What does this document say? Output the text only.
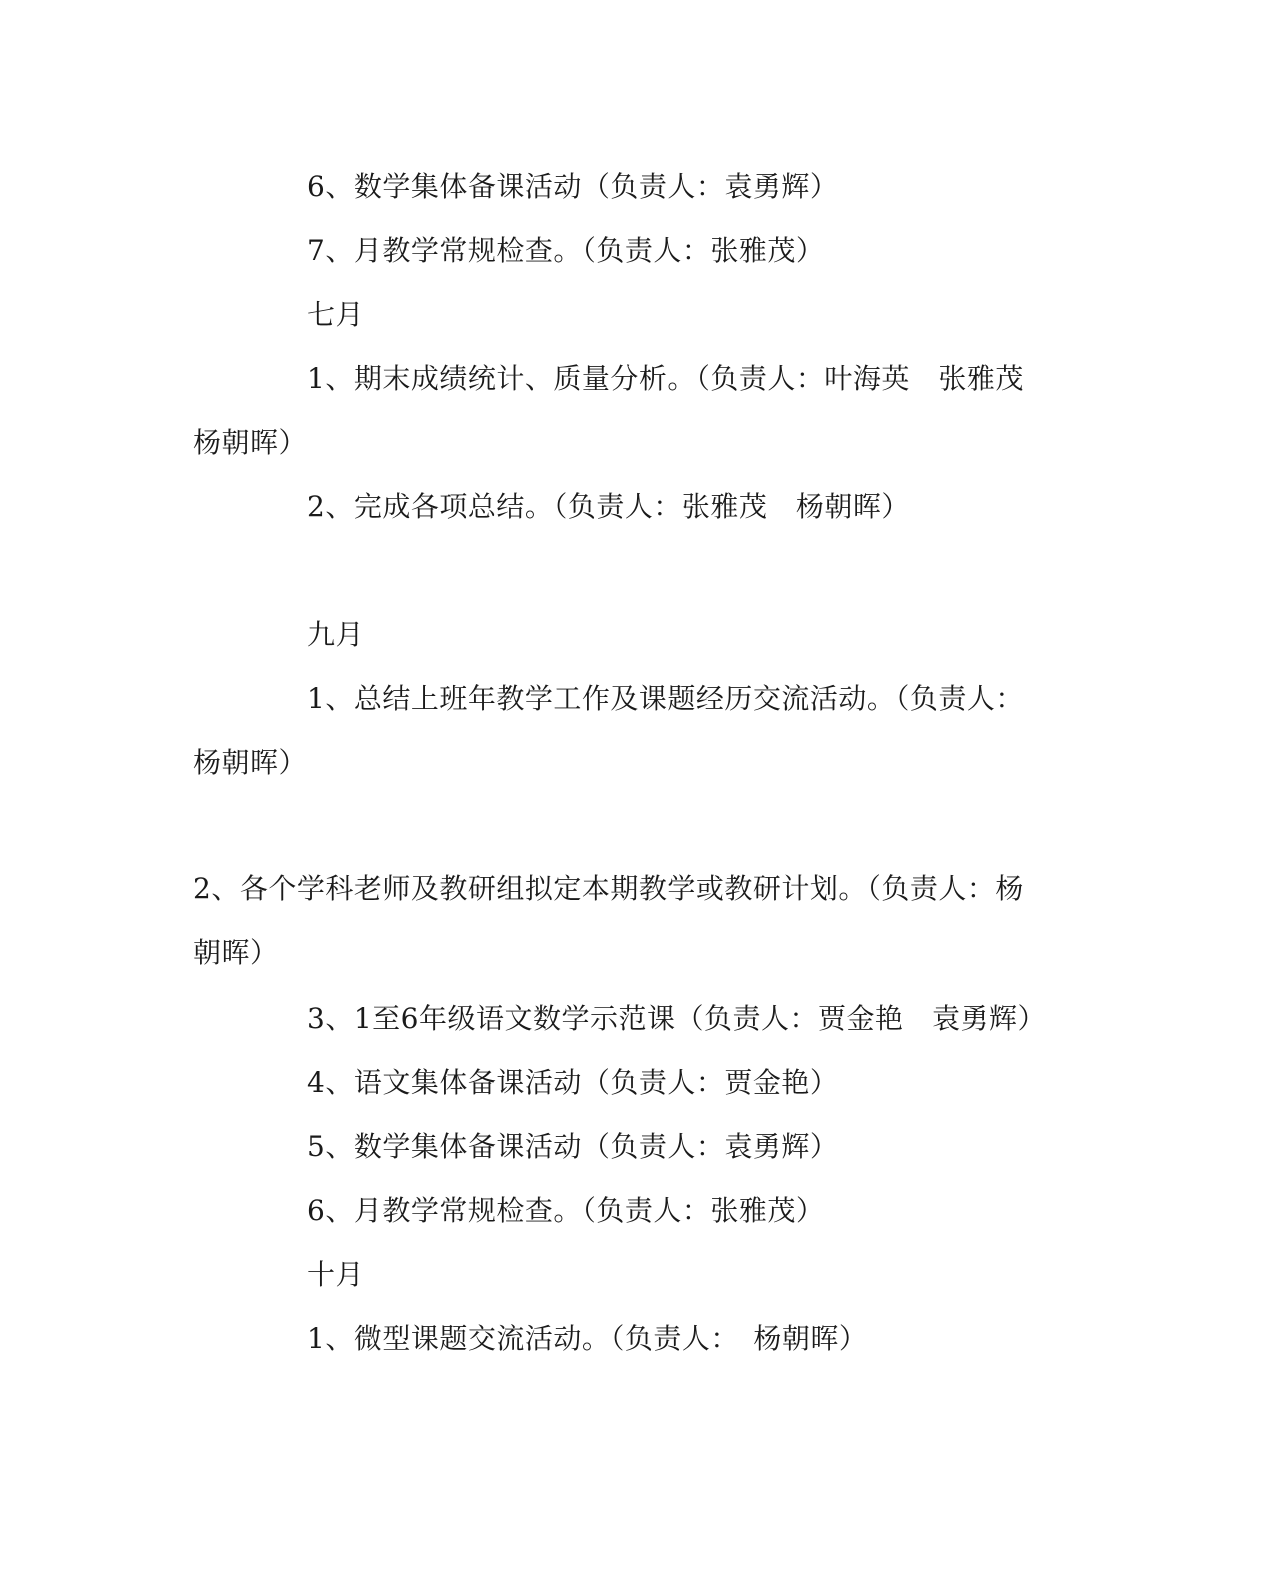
6、数学集体备课活动（负责人：袁勇辉）
7、月教学常规检查。（负责人：张雅茂）
七月
1、期末成绩统计、质量分析。（负责人：叶海英　张雅茂
杨朝晖）
2、完成各项总结。（负责人：张雅茂　杨朝晖）
九月
1、总结上班年教学工作及课题经历交流活动。（负责人：
杨朝晖）
2、各个学科老师及教研组拟定本期教学或教研计划。（负责人：杨
朝晖）
3、1至6年级语文数学示范课（负责人：贾金艳　袁勇辉）
4、语文集体备课活动（负责人：贾金艳）
5、数学集体备课活动（负责人：袁勇辉）
6、月教学常规检查。（负责人：张雅茂）
十月
1、微型课题交流活动。（负责人：　杨朝晖）
